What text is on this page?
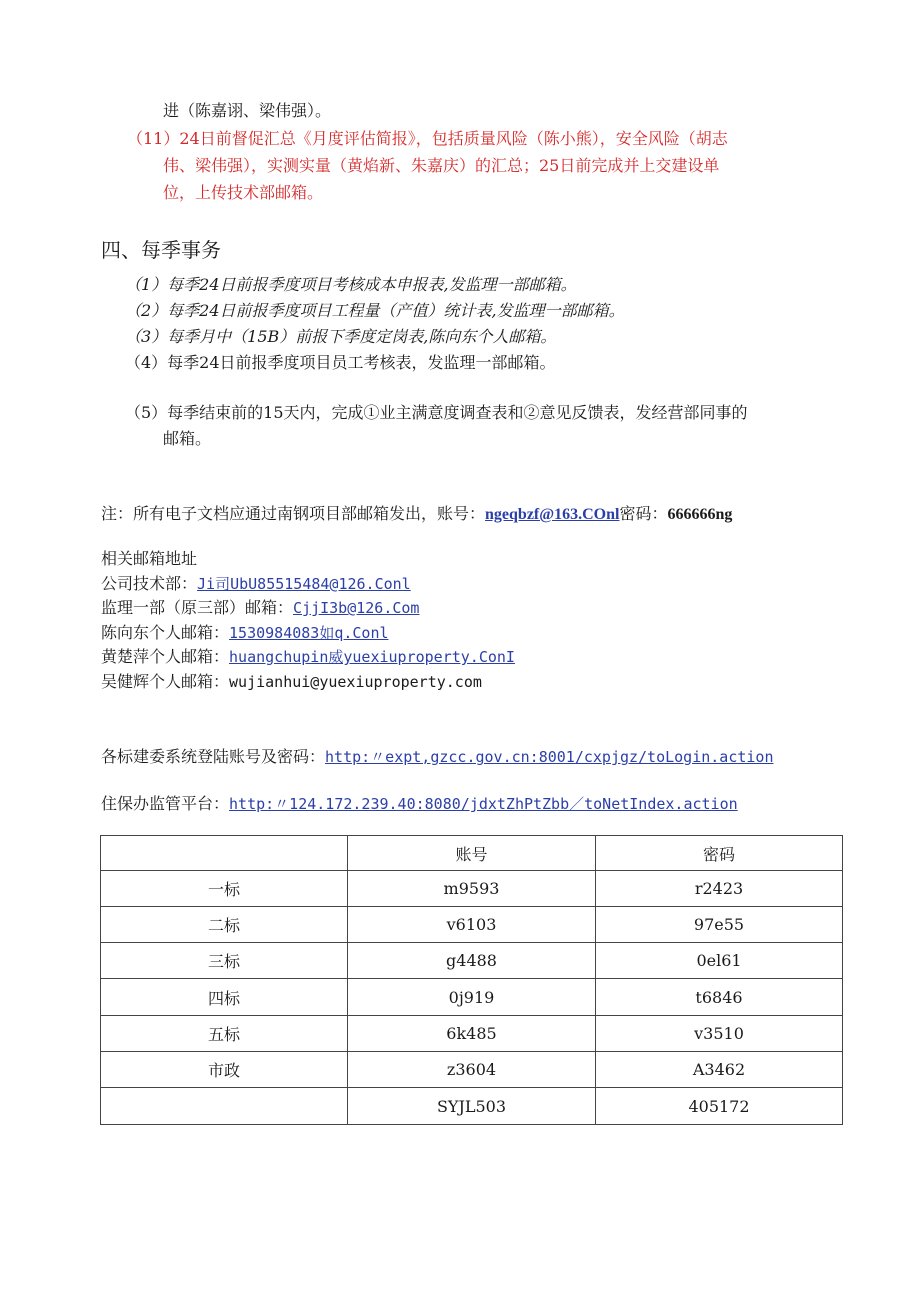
进（陈嘉诩、梁伟强）。
（11）24日前督促汇总《月度评估简报》，包括质量风险（陈小熊），安全风险（胡志
伟、梁伟强），实测实量（黄焰新、朱嘉庆）的汇总；25日前完成并上交建设单
位，上传技术部邮箱。
四、每季事务
（1）每季24日前报季度项目考核成本申报表,发监理一部邮箱。
（2）每季24日前报季度项目工程量（产值）统计表,发监理一部邮箱。
（3）每季月中（15B）前报下季度定岗表,陈向东个人邮箱。
（4）每季24日前报季度项目员工考核表，发监理一部邮箱。
（5）每季结束前的15天内，完成①业主满意度调查表和②意见反馈表，发经营部同事的
邮箱。
注：所有电子文档应通过南钢项目部邮箱发出，账号：ngeqbzf@163.COnl密码：666666ng
相关邮箱地址
公司技术部：Ji司UbU85515484@126.Conl
监理一部（原三部）邮箱：CjjI3b@126.Com
陈向东个人邮箱：1530984083如q.Conl
黄楚萍个人邮箱：huangchupin威yuexiuproperty.ConI
吴健辉个人邮箱：wujianhui@yuexiuproperty.com
各标建委系统登陆账号及密码：http:〃expt,gzcc.gov.cn:8001/cxpjgz/toLogin.action
住保办监管平台：http:〃124.172.239.40:8080/jdxtZhPtZbb／toNetIndex.action
	账号	密码
一标	m9593	r2423
二标	v6103	97e55
三标	g4488	0el61
四标	0j919	t6846
五标	6k485	v3510
市政	z3604	A3462
	SYJL503	405172
